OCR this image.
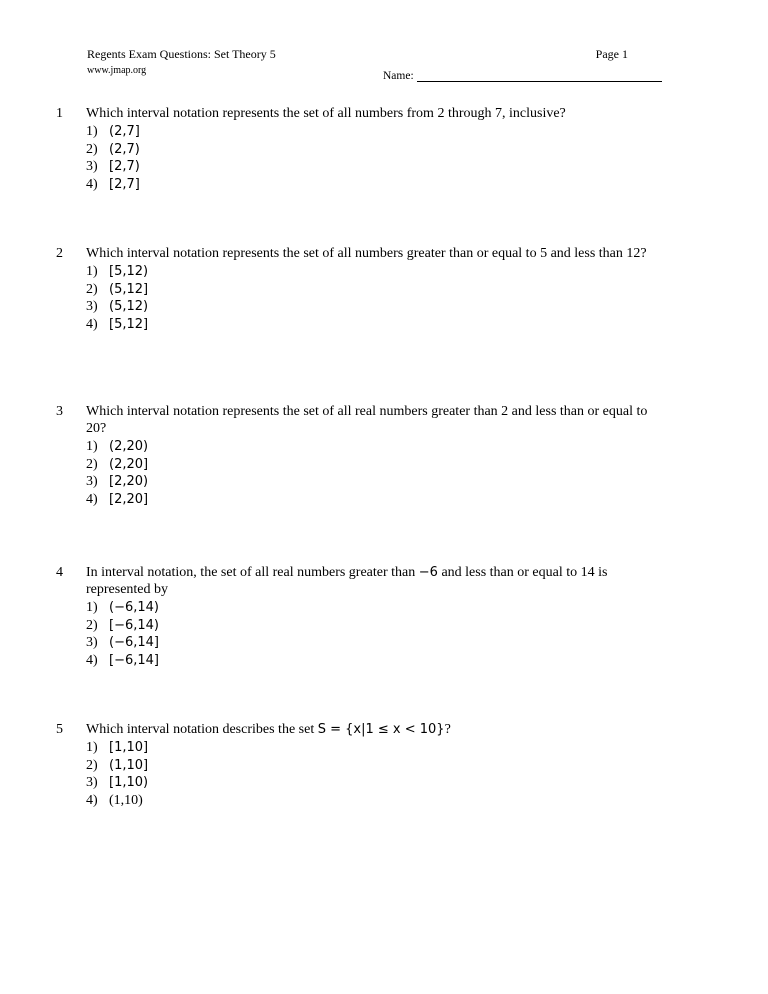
Regents Exam Questions: Set Theory 5
www.jmap.org
Page 1
Name:
1	Which interval notation represents the set of all numbers from 2 through 7, inclusive?

1) (2,7]
2) (2,7)
3) [2,7)
4) [2,7]
2	Which interval notation represents the set of all numbers greater than or equal to 5 and less than 12?

1) [5,12)
2) (5,12]
3) (5,12)
4) [5,12]
3	Which interval notation represents the set of all real numbers greater than 2 and less than or equal to 20?

1) (2,20)
2) (2,20]
3) [2,20)
4) [2,20]
4	In interval notation, the set of all real numbers greater than −6 and less than or equal to 14 is represented by

1) (−6,14)
2) [−6,14)
3) (−6,14]
4) [−6,14]
5	Which interval notation describes the set S = {x|1 ≤ x < 10}?

1) [1,10]
2) (1,10]
3) [1,10)
4) (1,10)
